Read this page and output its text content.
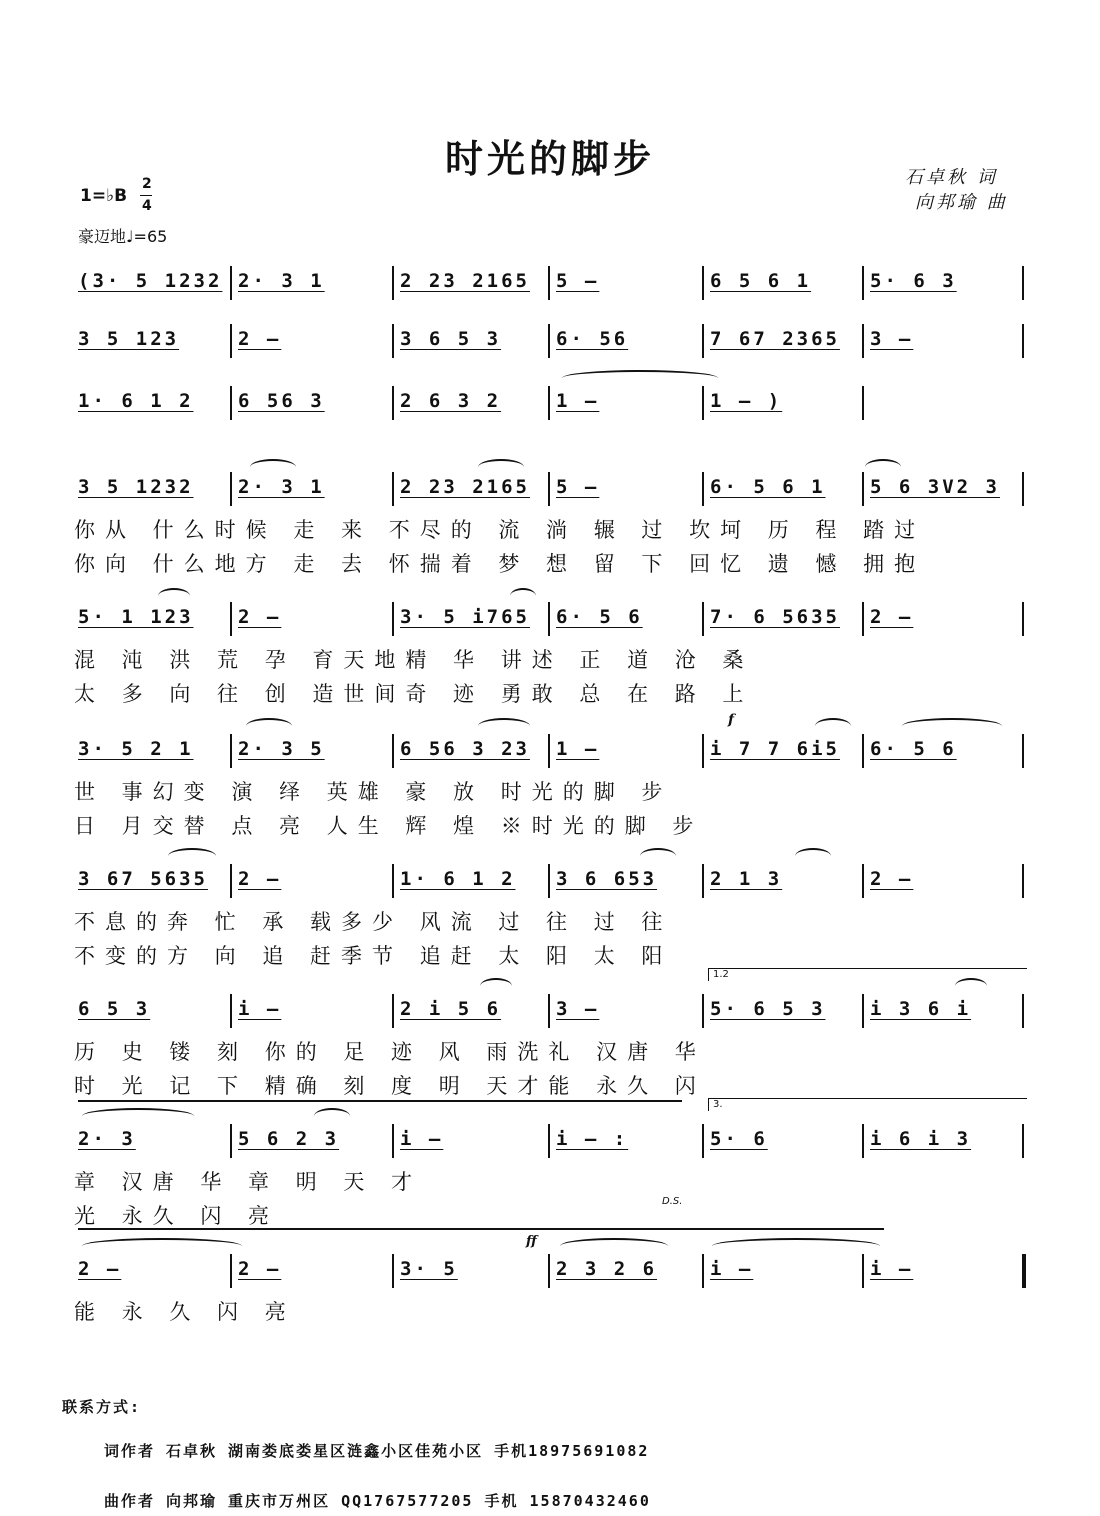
时光的脚步	石卓秋 词
向邦瑜 曲
1=♭B
2
4
豪迈地♩=65
(3· 5 1232 2· 3 1	2 23 2165 5 –	6 5 6 1	5· 6 3
3 5 123	2 –	3 6 5 3	6· 56	7 67 2365 3 –
1· 6 1 2 6 56 3	2 6 3 2	1 –	1 – )
3 5 1232 2· 3 1	2 23 2165 5 –	6· 5 6 1 5 6 3V2 3
你从 什么时候 走 来 不尽的 流 淌 辗 过 坎坷 历 程 踏过
你向 什么地方 走 去 怀揣着 梦 想 留 下 回忆 遗 憾 拥抱
5· 1 123 2 –	3· 5 i765 6· 5 6	7· 6 5635 2 –
混 沌 洪 荒 孕 育天地精 华 讲述 正 道 沧 桑
太 多 向 往 创 造世间奇 迹 勇敢 总 在 路 上
3· 5 2 1 2· 3 5	6 56 3 23 1 –	i 7 7 6i5 6· 5 6
世 事幻变 演 绎 英雄 豪 放 时光的脚 步
日 月交替 点 亮 人生 辉 煌 ※时光的脚 步
3 67 5635 2 –	1· 6 1 2 3 6 653	2 1 3	2 –
不息的奔 忙 承 载多少 风流 过 往 过 往
不变的方 向 追 赶季节 追赶 太 阳 太 阳
6 5 3	i –	2 i 5 6	3 –	5· 6 5 3 i 3 6 i
历 史 镂 刻 你的 足 迹 风 雨洗礼 汉唐 华
时 光 记 下 精确 刻 度 明 天才能 永久 闪
2· 3	5 6 2 3	i –	i – :	5· 6	i 6 i 3
章 汉唐 华 章 明 天 才
光 永久 闪 亮
2 –	2 –	3· 5	2 3 2 6	i –	i –
能 永 久 闪 亮
1.2
3.
D.S.
ff
f
联系方式:
词作者 石卓秋 湖南娄底娄星区涟鑫小区佳苑小区 手机18975691082
曲作者 向邦瑜 重庆市万州区 QQ1767577205 手机 15870432460
